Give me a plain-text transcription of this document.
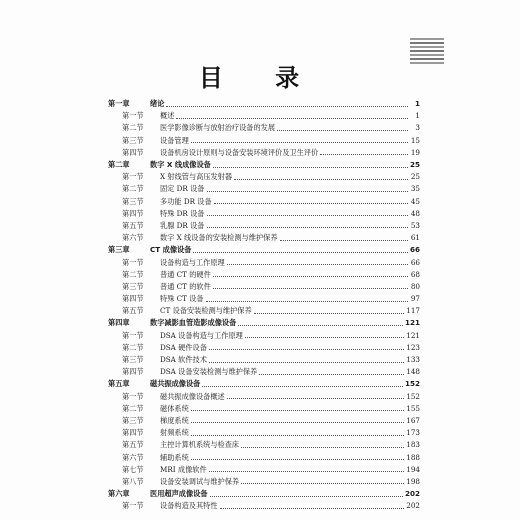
目 录
第一章	绪论	1
第一节	概述	1
第二节	医学影像诊断与放射治疗设备的发展	3
第三节	设备管理	15
第四节	设备机房设计原则与设备安装环境评价及卫生评价	19
第二章	数字 X 线成像设备	25
第一节	X 射线管与高压发射器	25
第二节	固定 DR 设备	35
第三节	多功能 DR 设备	45
第四节	特殊 DR 设备	48
第五节	乳腺 DR 设备	53
第六节	数字 X 线设备的安装检测与维护保养	61
第三章	CT 成像设备	66
第一节	设备构造与工作原理	66
第二节	普通 CT 的硬件	68
第三节	普通 CT 的软件	80
第四节	特殊 CT 设备	97
第五节	CT 设备安装检测与维护保养	117
第四章	数字减影血管造影成像设备	121
第一节	DSA 设备构造与工作原理	121
第二节	DSA 硬件设备	123
第三节	DSA 软件技术	133
第四节	DSA 设备安装检测与维护保养	148
第五章	磁共振成像设备	152
第一节	磁共振成像设备概述	152
第二节	磁体系统	155
第三节	梯度系统	167
第四节	射频系统	173
第五节	主控计算机系统与检查床	183
第六节	辅助系统	188
第七节	MRI 成像软件	194
第八节	设备安装调试与维护保养	198
第六章	医用超声成像设备	202
第一节	设备构造及其特性	202
